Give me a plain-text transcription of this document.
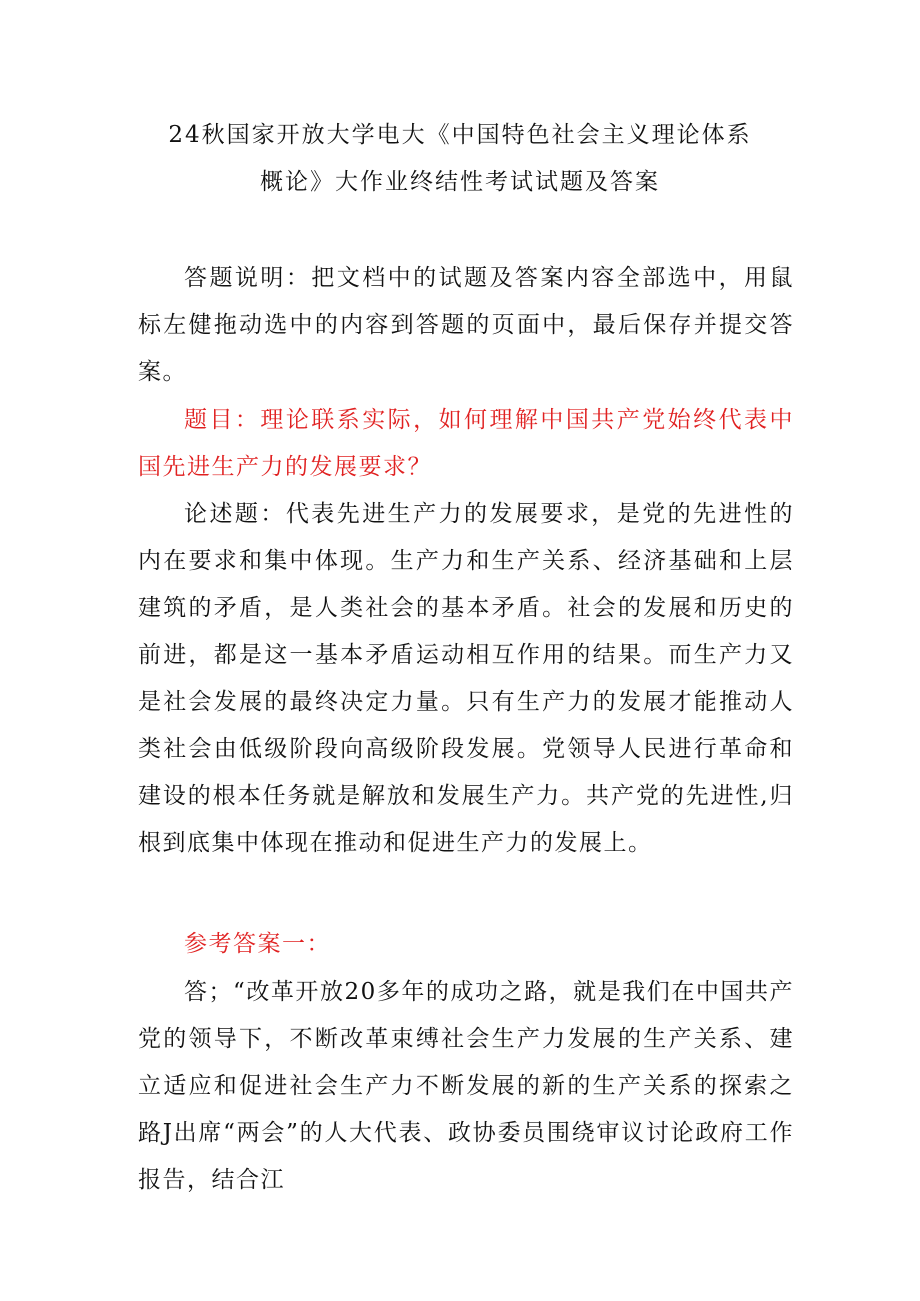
24秋国家开放大学电大《中国特色社会主义理论体系
概论》大作业终结性考试试题及答案

答题说明：把文档中的试题及答案内容全部选中，用鼠标左健拖动选中的内容到答题的页面中，最后保存并提交答案。

题目：理论联系实际，如何理解中国共产党始终代表中国先进生产力的发展要求？

论述题：代表先进生产力的发展要求，是党的先进性的内在要求和集中体现。生产力和生产关系、经济基础和上层建筑的矛盾，是人类社会的基本矛盾。社会的发展和历史的前进，都是这一基本矛盾运动相互作用的结果。而生产力又是社会发展的最终决定力量。只有生产力的发展才能推动人类社会由低级阶段向高级阶段发展。党领导人民进行革命和建设的根本任务就是解放和发展生产力。共产党的先进性,归根到底集中体现在推动和促进生产力的发展上。

参考答案一：

答；“改革开放20多年的成功之路，就是我们在中国共产党的领导下，不断改革束缚社会生产力发展的生产关系、建立适应和促进社会生产力不断发展的新的生产关系的探索之路J出席“两会”的人大代表、政协委员围绕审议讨论政府工作报告，结合江
